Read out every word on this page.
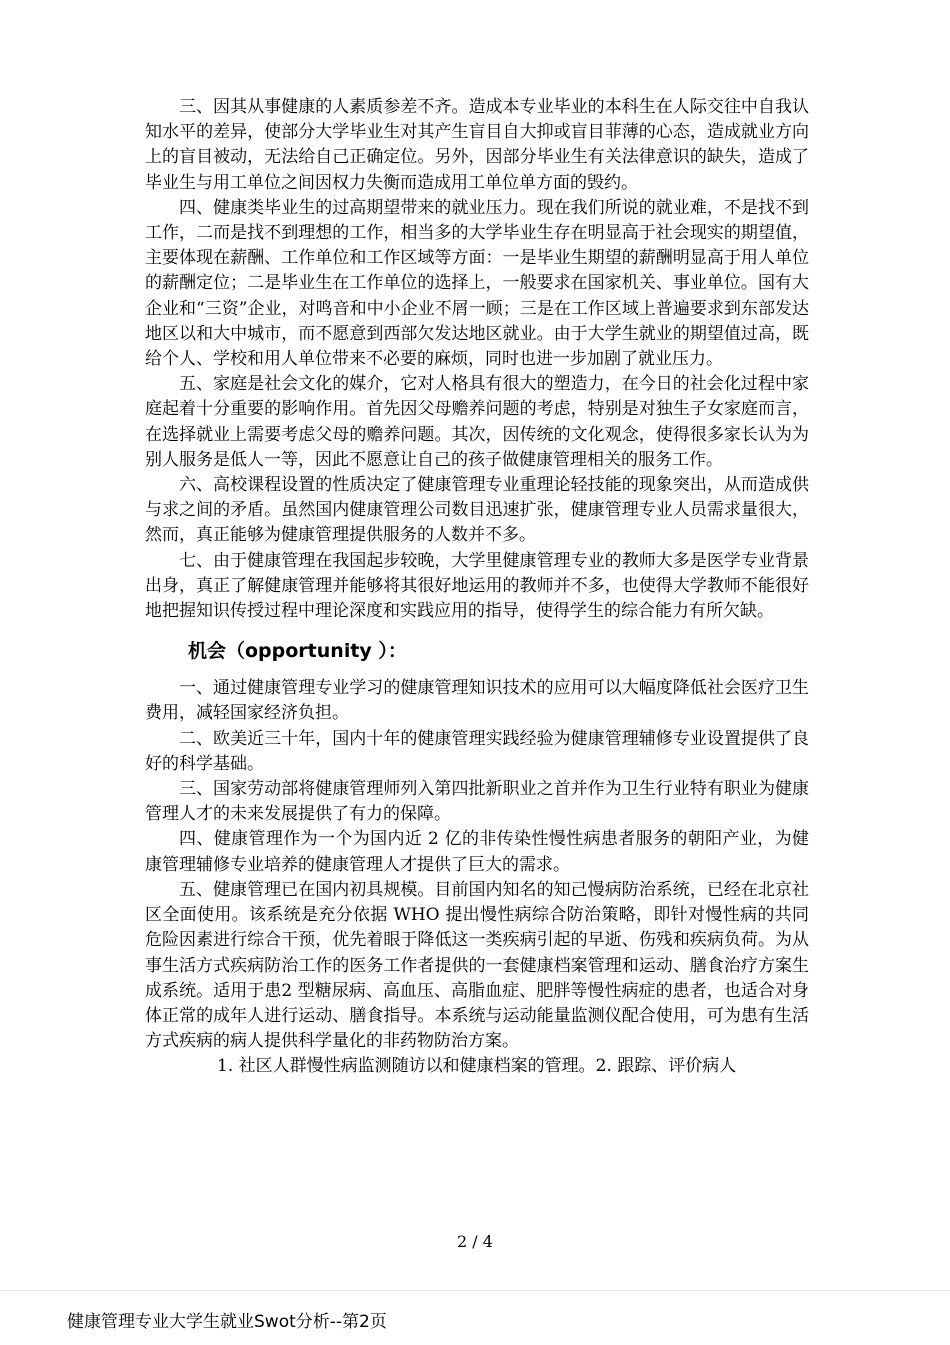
三、因其从事健康的人素质参差不齐。造成本专业毕业的本科生在人际交往中自我认知水平的差异，使部分大学毕业生对其产生盲目自大抑或盲目菲薄的心态，造成就业方向上的盲目被动，无法给自己正确定位。另外，因部分毕业生有关法律意识的缺失，造成了毕业生与用工单位之间因权力失衡而造成用工单位单方面的毁约。

四、健康类毕业生的过高期望带来的就业压力。现在我们所说的就业难，不是找不到工作，二而是找不到理想的工作，相当多的大学毕业生存在明显高于社会现实的期望值，主要体现在薪酬、工作单位和工作区域等方面：一是毕业生期望的薪酬明显高于用人单位的薪酬定位；二是毕业生在工作单位的选择上，一般要求在国家机关、事业单位。国有大企业和“三资”企业，对鸣音和中小企业不屑一顾；三是在工作区域上普遍要求到东部发达地区以和大中城市，而不愿意到西部欠发达地区就业。由于大学生就业的期望值过高，既给个人、学校和用人单位带来不必要的麻烦，同时也进一步加剧了就业压力。

五、家庭是社会文化的媒介，它对人格具有很大的塑造力，在今日的社会化过程中家庭起着十分重要的影响作用。首先因父母赡养问题的考虑，特别是对独生子女家庭而言，在选择就业上需要考虑父母的赡养问题。其次，因传统的文化观念，使得很多家长认为为别人服务是低人一等，因此不愿意让自己的孩子做健康管理相关的服务工作。

六、高校课程设置的性质决定了健康管理专业重理论轻技能的现象突出，从而造成供与求之间的矛盾。虽然国内健康管理公司数目迅速扩张，健康管理专业人员需求量很大，然而，真正能够为健康管理提供服务的人数并不多。

七、由于健康管理在我国起步较晚，大学里健康管理专业的教师大多是医学专业背景出身，真正了解健康管理并能够将其很好地运用的教师并不多，也使得大学教师不能很好地把握知识传授过程中理论深度和实践应用的指导，使得学生的综合能力有所欠缺。

机会（opportunity ）：

一、通过健康管理专业学习的健康管理知识技术的应用可以大幅度降低社会医疗卫生费用，减轻国家经济负担。

二、欧美近三十年，国内十年的健康管理实践经验为健康管理辅修专业设置提供了良好的科学基础。

三、国家劳动部将健康管理师列入第四批新职业之首并作为卫生行业特有职业为健康管理人才的未来发展提供了有力的保障。

四、健康管理作为一个为国内近 2 亿的非传染性慢性病患者服务的朝阳产业，为健康管理辅修专业培养的健康管理人才提供了巨大的需求。

五、健康管理已在国内初具规模。目前国内知名的知己慢病防治系统，已经在北京社区全面使用。该系统是充分依据 WHO 提出慢性病综合防治策略，即针对慢性病的共同危险因素进行综合干预，优先着眼于降低这一类疾病引起的早逝、伤残和疾病负荷。为从事生活方式疾病防治工作的医务工作者提供的一套健康档案管理和运动、膳食治疗方案生成系统。适用于患2 型糖尿病、高血压、高脂血症、肥胖等慢性病症的患者，也适合对身体正常的成年人进行运动、膳食指导。本系统与运动能量监测仪配合使用，可为患有生活方式疾病的病人提供科学量化的非药物防治方案。

1. 社区人群慢性病监测随访以和健康档案的管理。2. 跟踪、评价病人

2 / 4
健康管理专业大学生就业Swot分析--第2页
